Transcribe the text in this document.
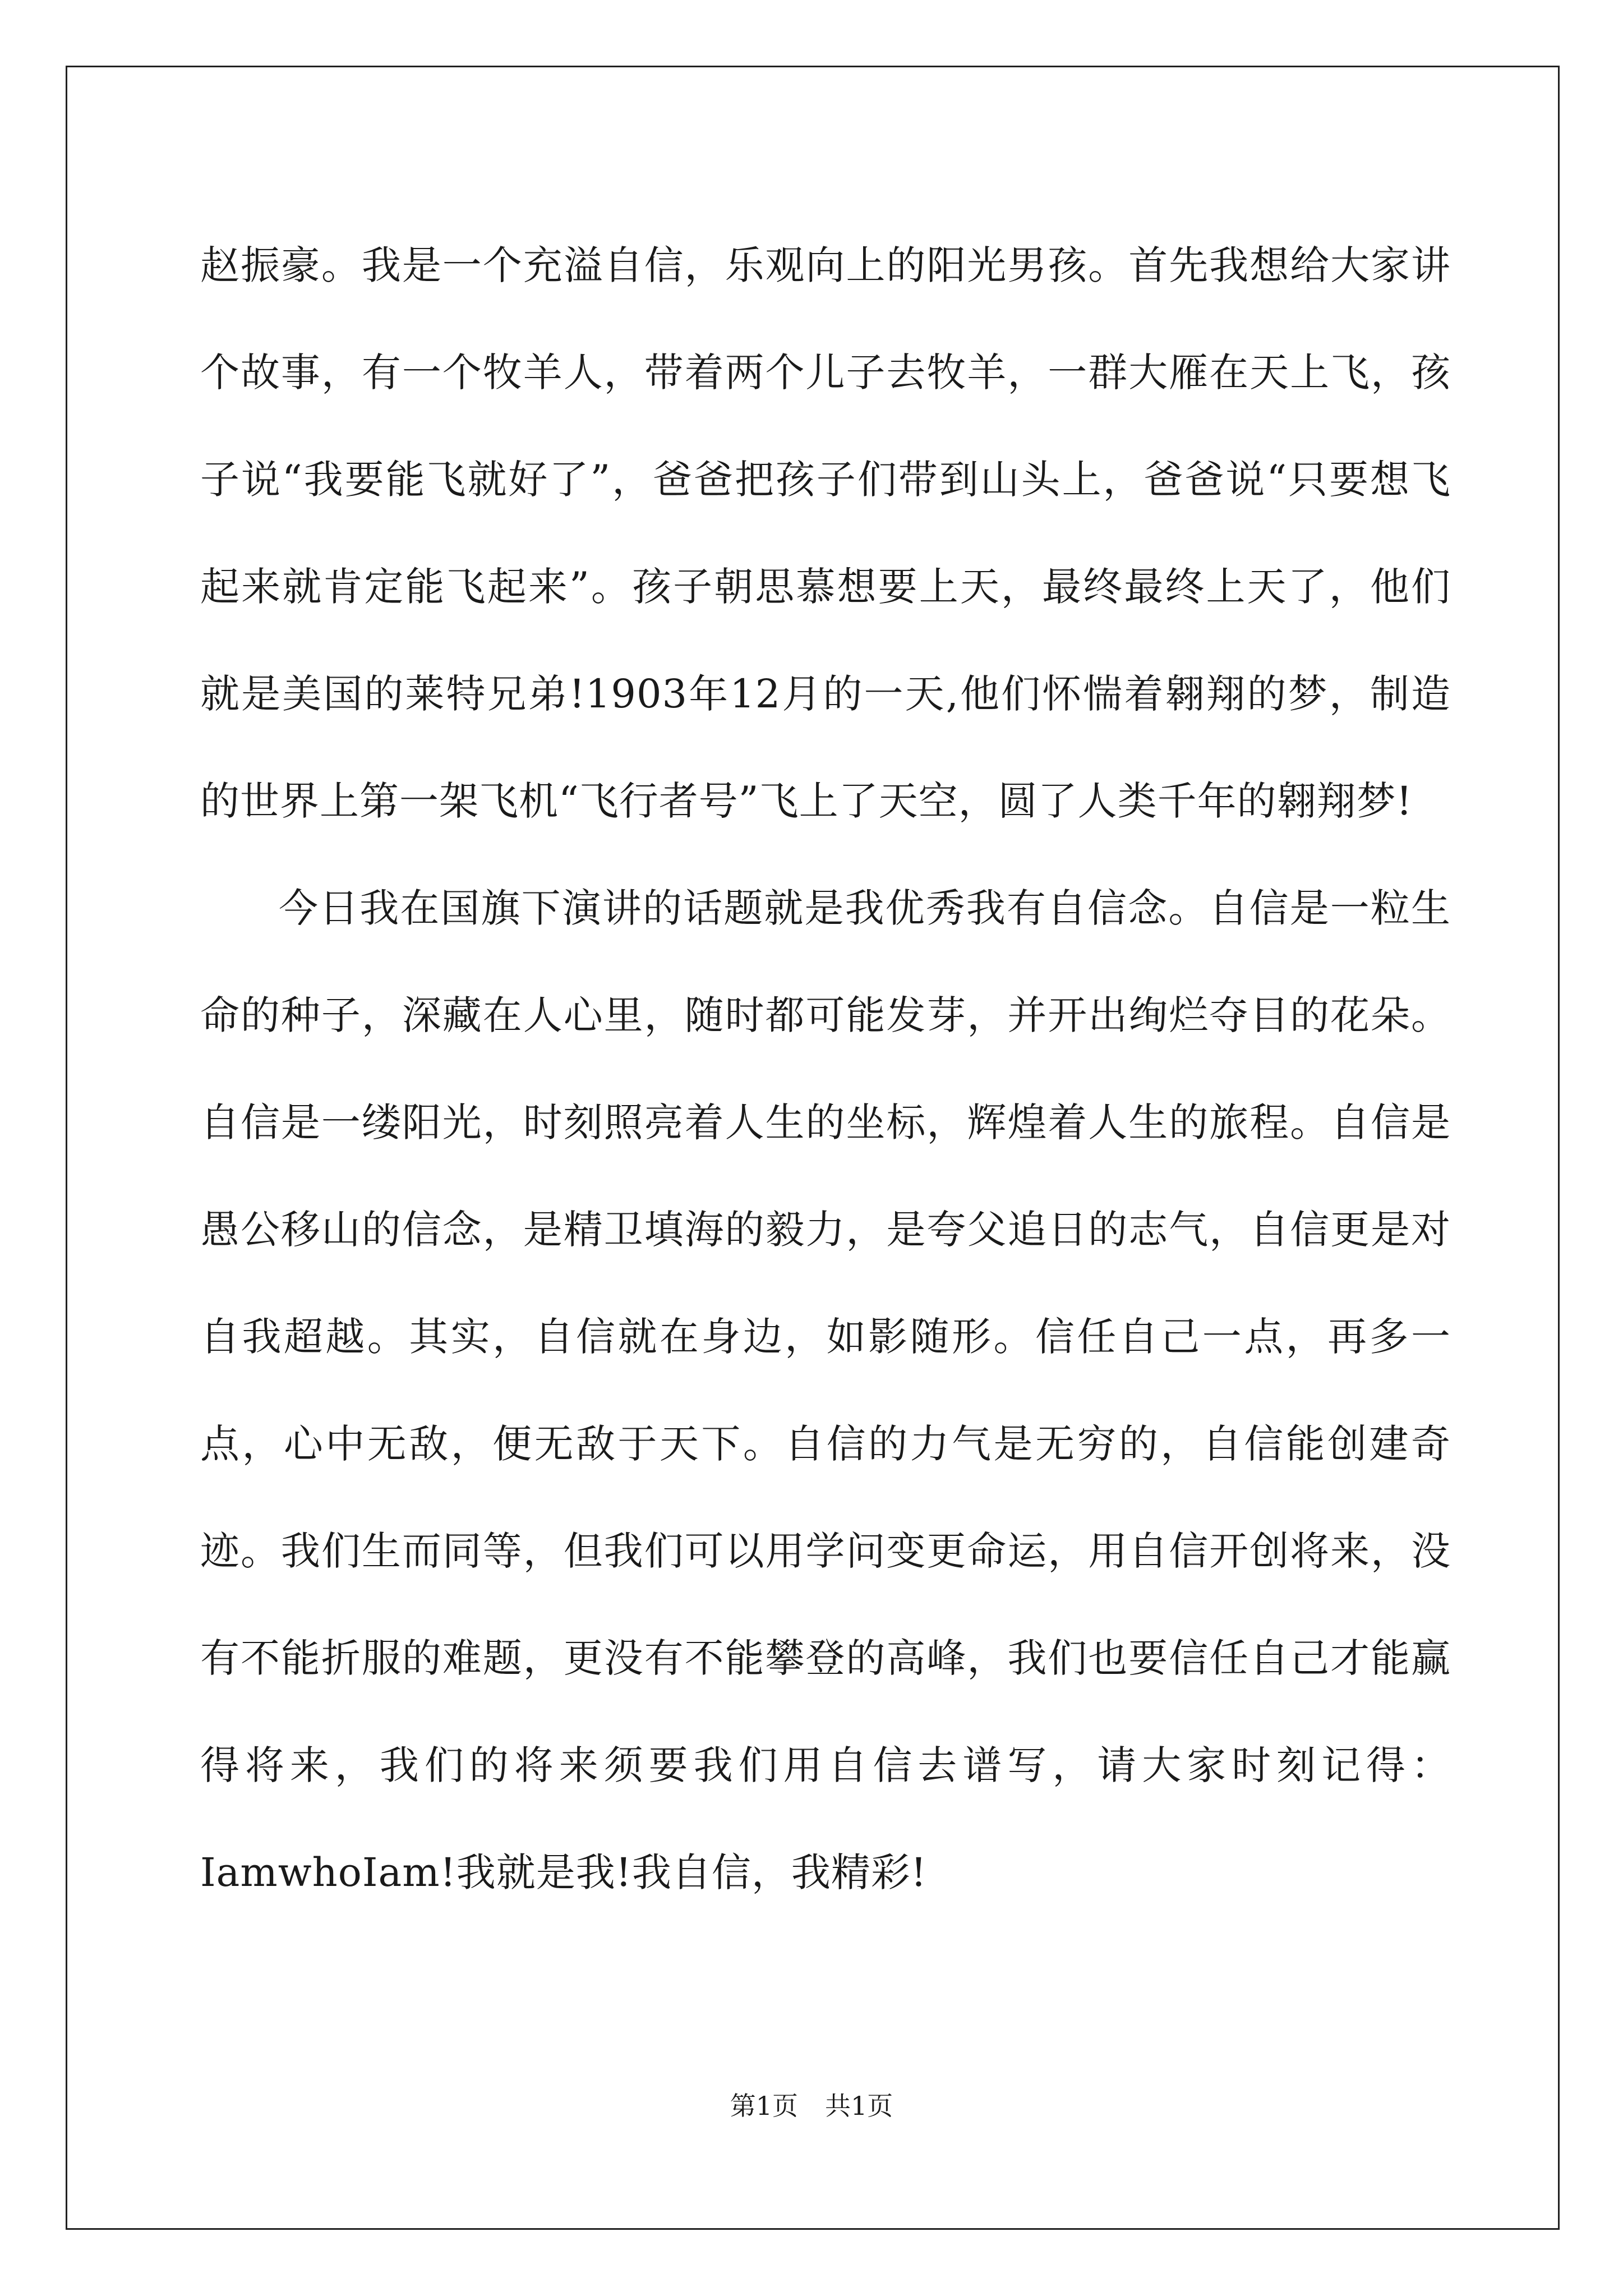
赵振豪。我是一个充溢自信，乐观向上的阳光男孩。首先我想给大家讲个故事，有一个牧羊人，带着两个儿子去牧羊，一群大雁在天上飞，孩子说“我要能飞就好了”，爸爸把孩子们带到山头上，爸爸说“只要想飞起来就肯定能飞起来”。孩子朝思慕想要上天，最终最终上天了，他们就是美国的莱特兄弟!1903年12月的一天,他们怀惴着翱翔的梦，制造的世界上第一架飞机“飞行者号”飞上了天空，圆了人类千年的翱翔梦!

今日我在国旗下演讲的话题就是我优秀我有自信念。自信是一粒生命的种子，深藏在人心里，随时都可能发芽，并开出绚烂夺目的花朵。自信是一缕阳光，时刻照亮着人生的坐标，辉煌着人生的旅程。自信是愚公移山的信念，是精卫填海的毅力，是夸父追日的志气，自信更是对自我超越。其实，自信就在身边，如影随形。信任自己一点，再多一点，心中无敌，便无敌于天下。自信的力气是无穷的，自信能创建奇迹。我们生而同等，但我们可以用学问变更命运，用自信开创将来，没有不能折服的难题，更没有不能攀登的高峰，我们也要信任自己才能赢得将来，我们的将来须要我们用自信去谱写，请大家时刻记得：IamwhoIam!我就是我!我自信，我精彩!

第1页 共1页
